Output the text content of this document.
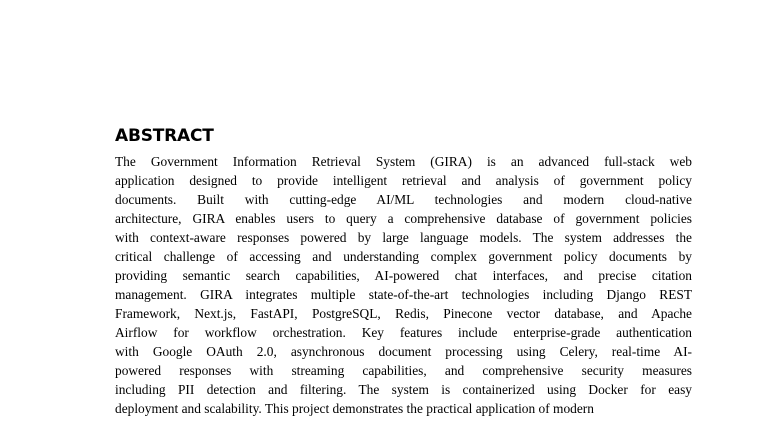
ABSTRACT
The Government Information Retrieval System (GIRA) is an advanced full-stack web
application designed to provide intelligent retrieval and analysis of government policy
documents. Built with cutting-edge AI/ML technologies and modern cloud-native
architecture, GIRA enables users to query a comprehensive database of government policies
with context-aware responses powered by large language models. The system addresses the
critical challenge of accessing and understanding complex government policy documents by
providing semantic search capabilities, AI-powered chat interfaces, and precise citation
management. GIRA integrates multiple state-of-the-art technologies including Django REST
Framework, Next.js, FastAPI, PostgreSQL, Redis, Pinecone vector database, and Apache
Airflow for workflow orchestration. Key features include enterprise-grade authentication
with Google OAuth 2.0, asynchronous document processing using Celery, real-time AI-
powered responses with streaming capabilities, and comprehensive security measures
including PII detection and filtering. The system is containerized using Docker for easy
deployment and scalability. This project demonstrates the practical application of modern
